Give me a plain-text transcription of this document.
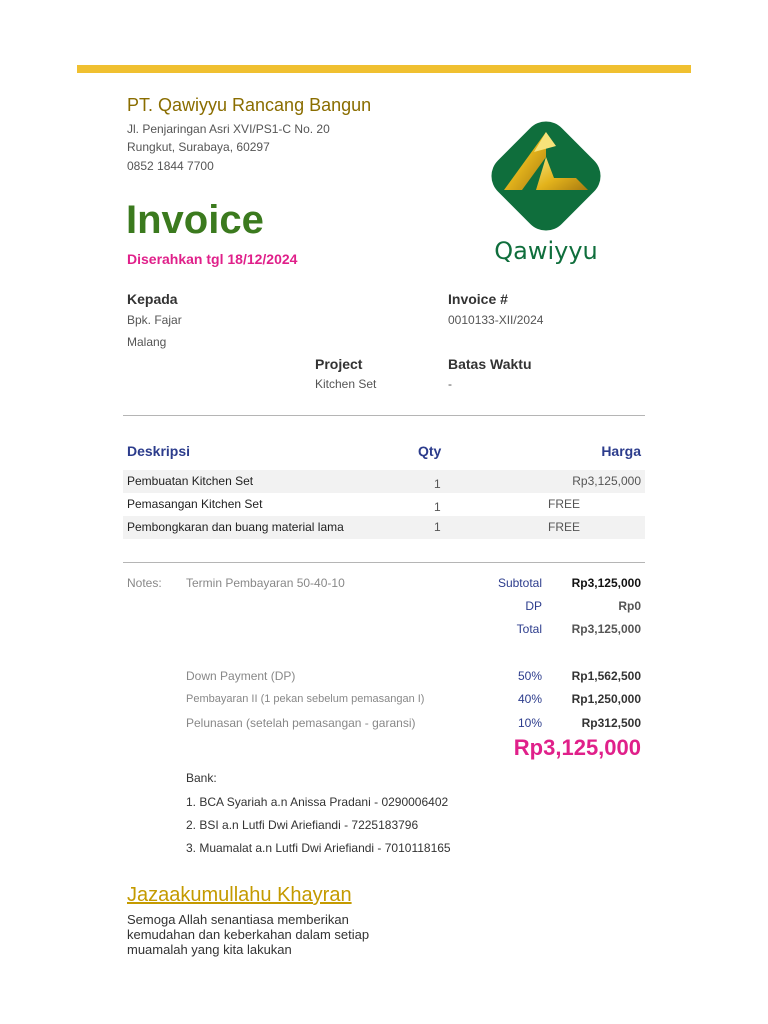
PT. Qawiyyu Rancang Bangun
Jl. Penjaringan Asri XVI/PS1-C No. 20
Rungkut, Surabaya, 60297
0852 1844 7700
Qawiyyu
Invoice
Diserahkan tgl 18/12/2024
Kepada
Bpk. Fajar
Malang
Invoice #
0010133-XII/2024
Project
Kitchen Set
Batas Waktu
-
Deskripsi	Qty	Harga
Pembuatan Kitchen Set	1	Rp3,125,000
Pemasangan Kitchen Set	1	FREE
Pembongkaran dan buang material lama	1	FREE
Notes: Termin Pembayaran 50-40-10	Subtotal	Rp3,125,000
DP	Rp0
Total	Rp3,125,000
Down Payment (DP)	50%	Rp1,562,500
Pembayaran II (1 pekan sebelum pemasangan I)	40%	Rp1,250,000
Pelunasan (setelah pemasangan - garansi)	10%	Rp312,500
Rp3,125,000
Bank:
1. BCA Syariah a.n Anissa Pradani - 0290006402
2. BSI a.n Lutfi Dwi Ariefiandi - 7225183796
3. Muamalat a.n Lutfi Dwi Ariefiandi - 7010118165
Jazaakumullahu Khayran
Semoga Allah senantiasa memberikan kemudahan dan keberkahan dalam setiap muamalah yang kita lakukan
